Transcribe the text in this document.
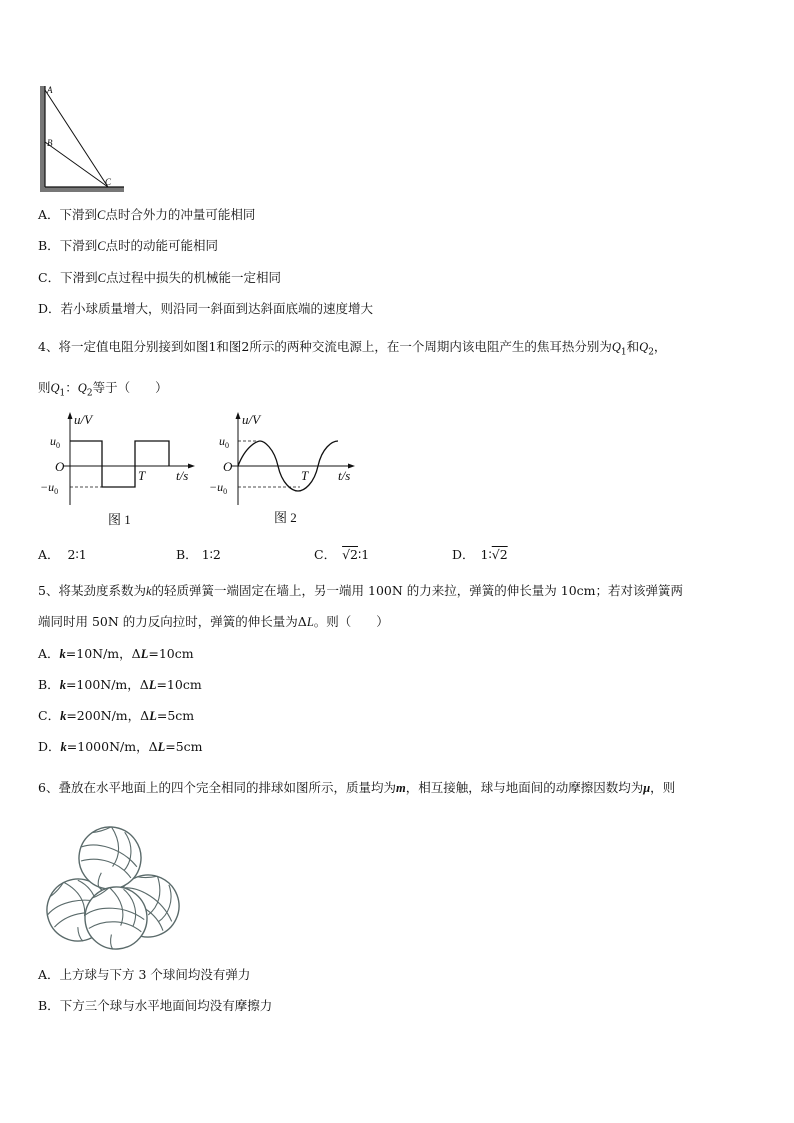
A
B
C
A．下滑到C点时合外力的冲量可能相同
B．下滑到C点时的动能可能相同
C．下滑到C点过程中损失的机械能一定相同
D．若小球质量增大，则沿同一斜面到达斜面底端的速度增大
4、将一定值电阻分别接到如图1和图2所示的两种交流电源上，在一个周期内该电阻产生的焦耳热分别为$Q_1$和$Q_2$，
则$Q_1$：$Q_2$等于（　　）
u/V
$u_0$
O
$-u_0$
T t/s
图 1
u/V
$u_0$
O
$-u_0$
T t/s
图 2
A． 2∶1	B． 1∶2	C． √2∶1	D． 1∶√2
5、将某劲度系数为k的轻质弹簧一端固定在墙上，另一端用 100N 的力来拉，弹簧的伸长量为 10cm；若对该弹簧两
端同时用 50N 的力反向拉时，弹簧的伸长量为ΔL。则（　　）
A．k=10N/m，ΔL=10cm
B．k=100N/m，ΔL=10cm
C．k=200N/m，ΔL=5cm
D．k=1000N/m，ΔL=5cm
6、叠放在水平地面上的四个完全相同的排球如图所示，质量均为m，相互接触，球与地面间的动摩擦因数均为μ，则
A．上方球与下方 3 个球间均没有弹力
B．下方三个球与水平地面间均没有摩擦力
